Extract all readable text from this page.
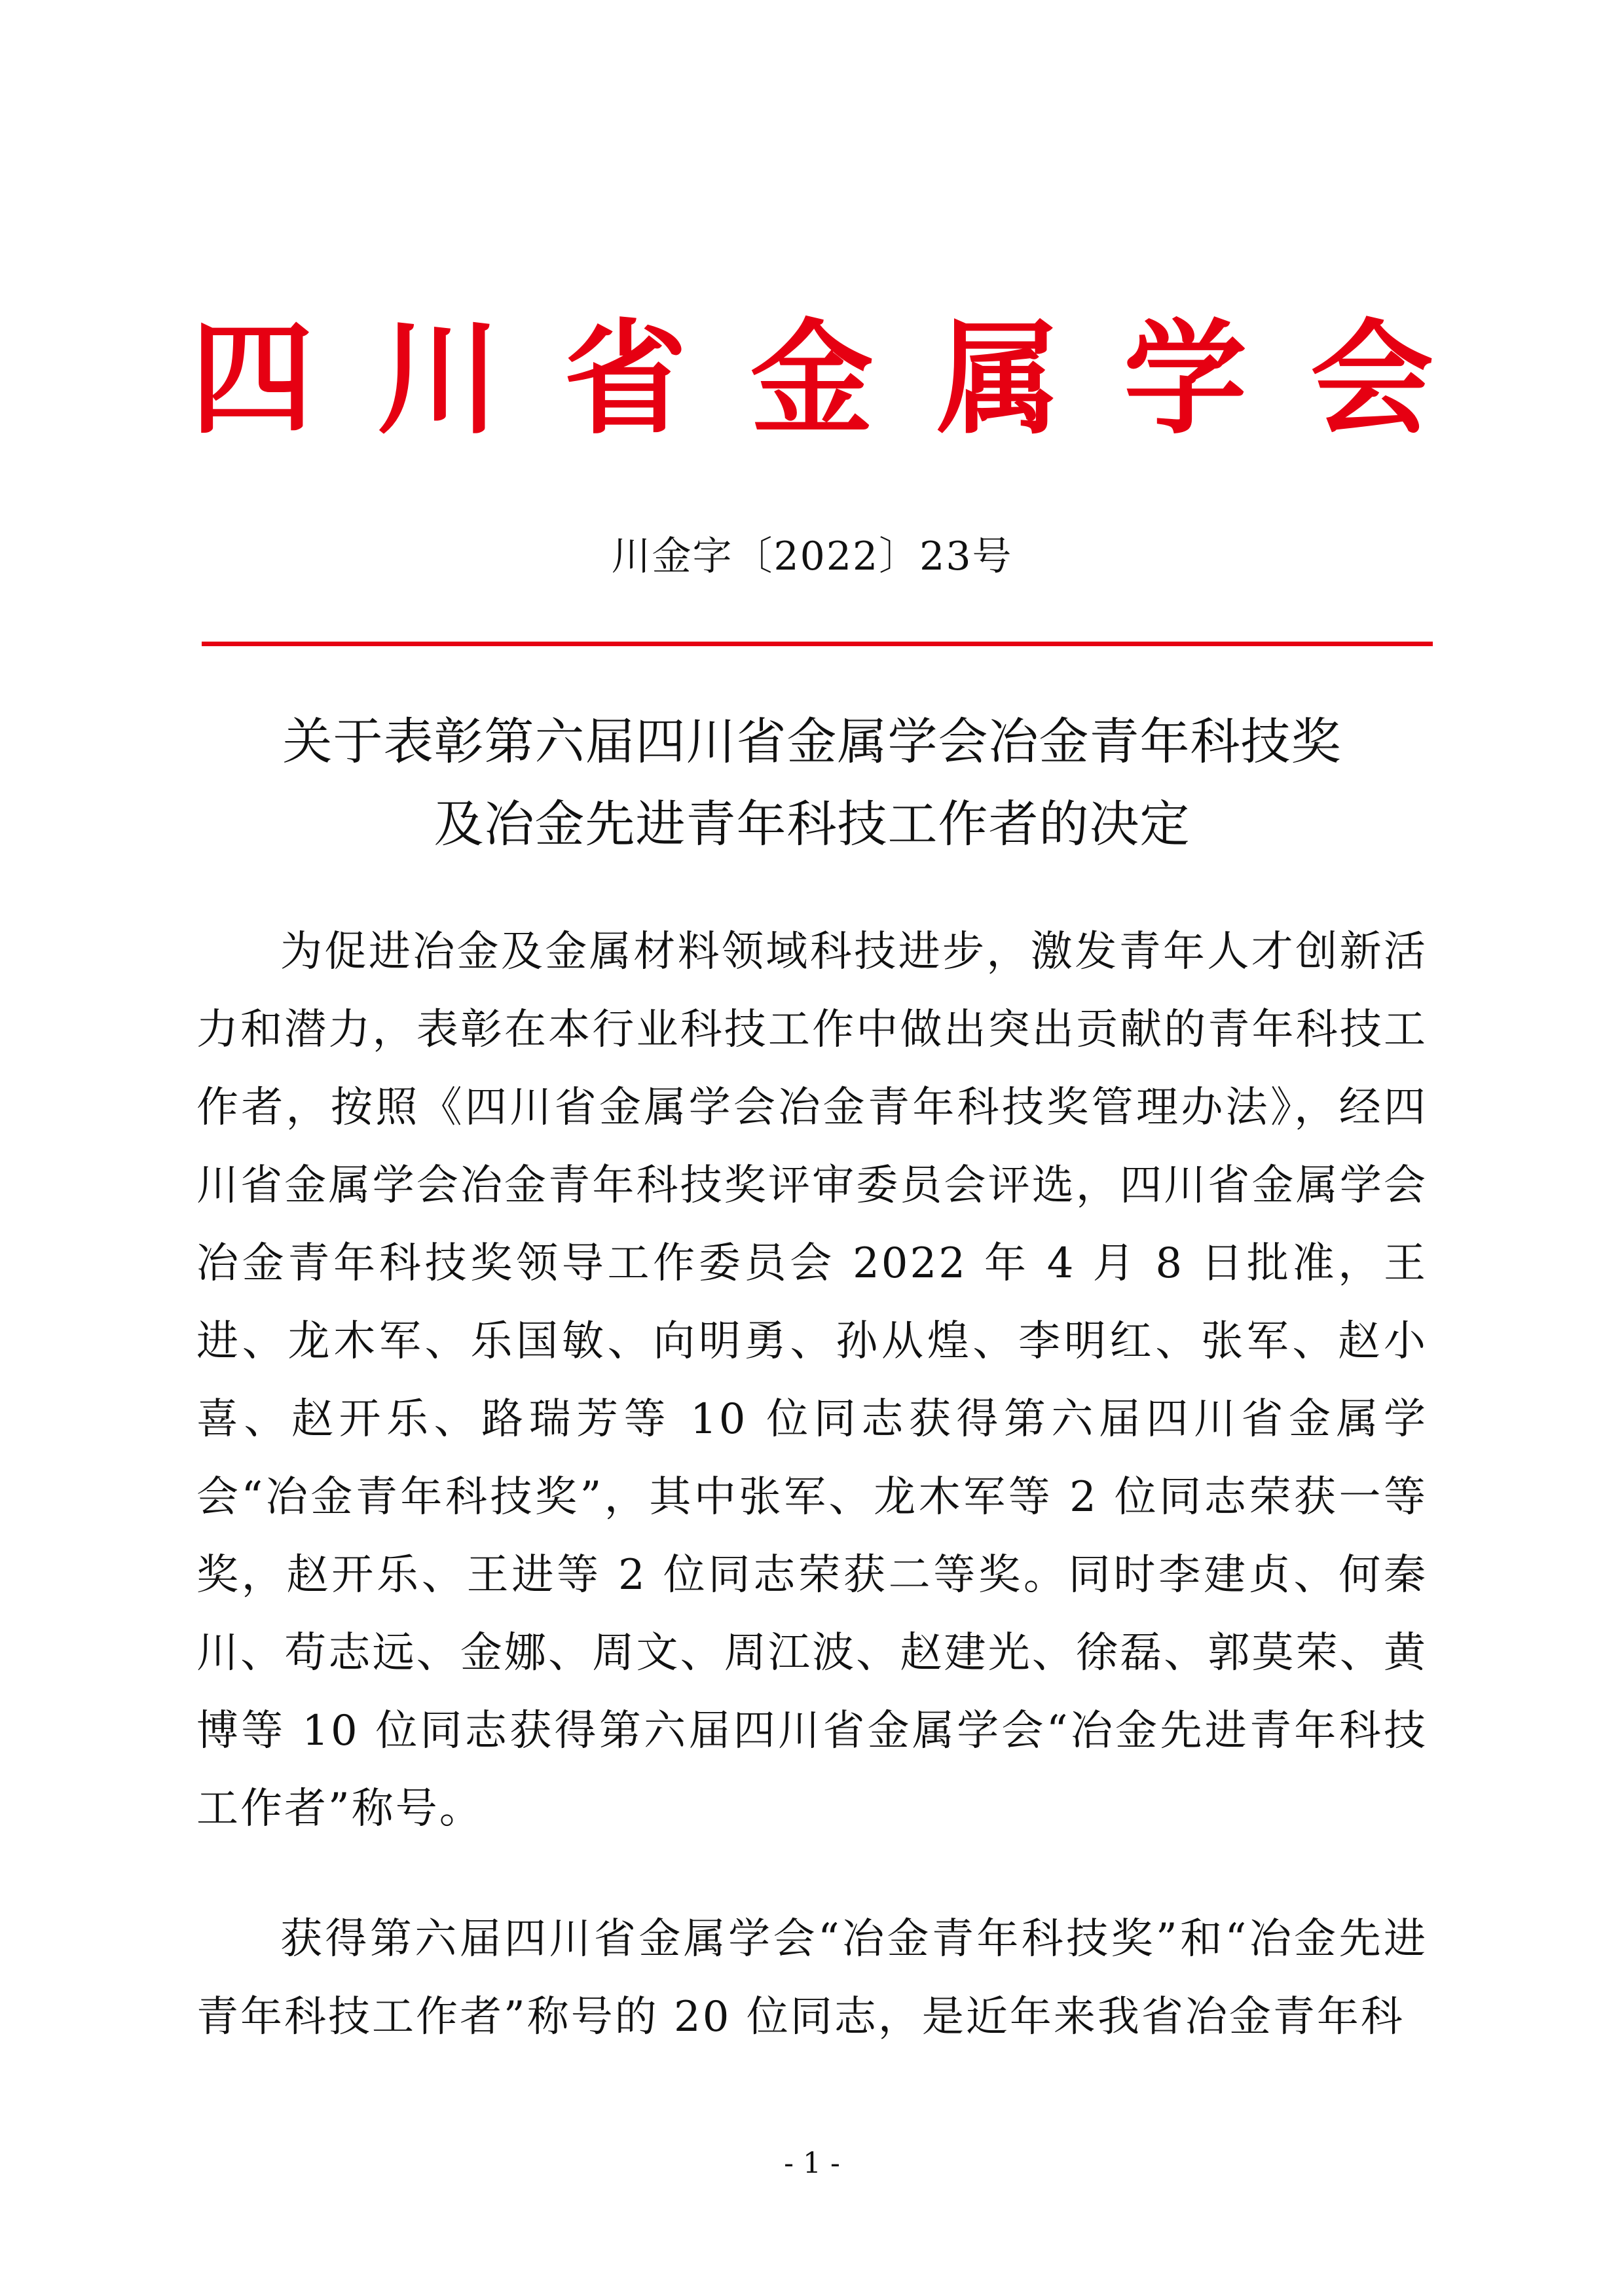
四 川 省 金 属 学 会

川金字〔2022〕23号

关于表彰第六届四川省金属学会冶金青年科技奖
及冶金先进青年科技工作者的决定

为促进冶金及金属材料领域科技进步，激发青年人才创新活力和潜力，表彰在本行业科技工作中做出突出贡献的青年科技工作者，按照《四川省金属学会冶金青年科技奖管理办法》，经四川省金属学会冶金青年科技奖评审委员会评选，四川省金属学会冶金青年科技奖领导工作委员会 2022 年 4 月 8 日批准，王进、龙木军、乐国敏、向明勇、孙从煌、李明红、张军、赵小喜、赵开乐、路瑞芳等 10 位同志获得第六届四川省金属学会“冶金青年科技奖”，其中张军、龙木军等 2 位同志荣获一等奖，赵开乐、王进等 2 位同志荣获二等奖。同时李建贞、何秦川、苟志远、金娜、周文、周江波、赵建光、徐磊、郭莫荣、黄博等 10 位同志获得第六届四川省金属学会“冶金先进青年科技工作者”称号。

获得第六届四川省金属学会“冶金青年科技奖”和“冶金先进青年科技工作者”称号的 20 位同志，是近年来我省冶金青年科

- 1 -
